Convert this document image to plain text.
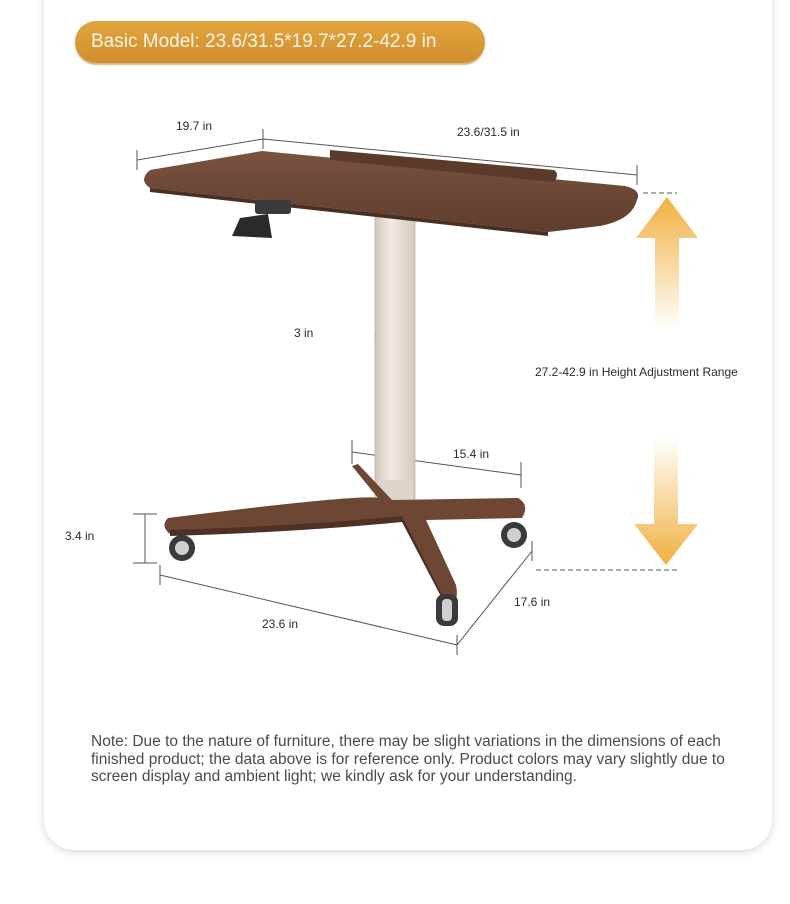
Basic Model: 23.6/31.5*19.7*27.2-42.9 in
19.7 in	23.6/31.5 in
3 in
27.2-42.9 in Height Adjustment Range
15.4 in
3.4 in
23.6 in
17.6 in
Note: Due to the nature of furniture, there may be slight variations in the dimensions of each finished product; the data above is for reference only. Product colors may vary slightly due to screen display and ambient light; we kindly ask for your understanding.
